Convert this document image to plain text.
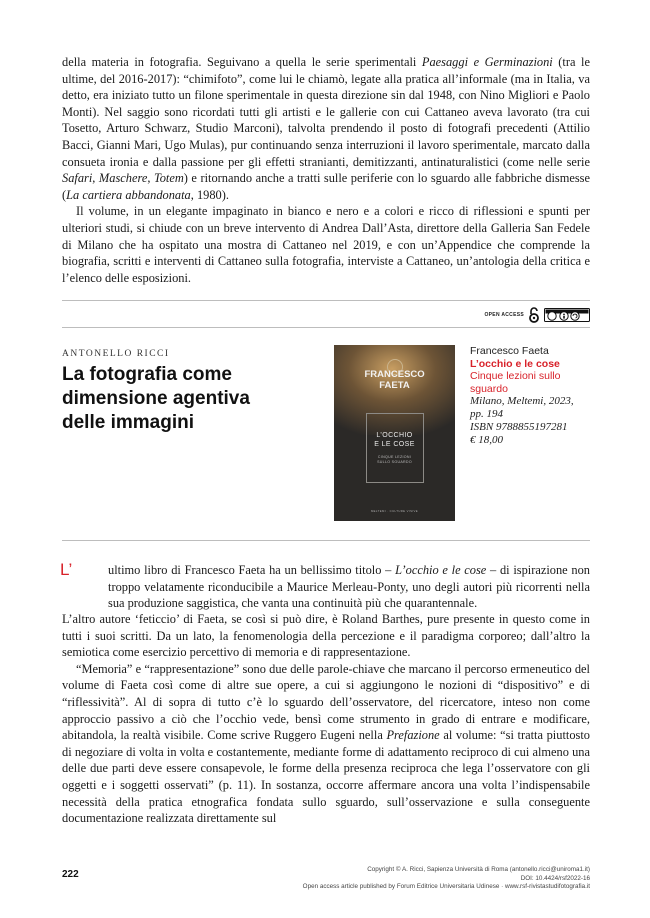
della materia in fotografia. Seguivano a quella le serie sperimentali Paesaggi e Germinazioni (tra le ultime, del 2016-2017): “chimifoto”, come lui le chiamò, legate alla pratica all’informale (ma in Italia, va detto, era iniziato tutto un filone sperimentale in questa direzione sin dal 1948, con Nino Migliori e Paolo Monti). Nel saggio sono ricordati tutti gli artisti e le gallerie con cui Cattaneo aveva lavorato (tra cui Tosetto, Arturo Schwarz, Studio Marconi), talvolta prendendo il posto di fotografi precedenti (Attilio Bacci, Gianni Mari, Ugo Mulas), pur continuando senza interruzioni il lavoro sperimentale, marcato dalla consueta ironia e dalla passione per gli effetti stranianti, demitizzanti, antinaturalistici (come nelle serie Safari, Maschere, Totem) e ritornando anche a tratti sulle periferie con lo sguardo alle fabbriche dismesse (La cartiera abbandonata, 1980).

Il volume, in un elegante impaginato in bianco e nero e a colori e ricco di riflessioni e spunti per ulteriori studi, si chiude con un breve intervento di Andrea Dall’Asta, direttore della Galleria San Fedele di Milano che ha ospitato una mostra di Cattaneo nel 2019, e con un’Appendice che comprende la biografia, scritti e interventi di Cattaneo sulla fotografia, interviste a Cattaneo, un’antologia della critica e l’elenco delle esposizioni.

OPEN ACCESS
ANTONELLO RICCI
La fotografia come dimensione agentiva delle immagini
FRANCESCO FAETA
L’OCCHIO
E LE COSE
CINQUE LEZIONI SULLO SGUARDO
MELTEMI · CULTURE VISIVE
Francesco Faeta
L’occhio e le cose
Cinque lezioni sullo sguardo
Milano, Meltemi, 2023,
pp. 194
ISBN 9788855197281
€ 18,00
L’	ultimo libro di Francesco Faeta ha un bellissimo titolo – L’occhio e le cose – di ispirazione non troppo velatamente riconducibile a Maurice Merleau-Ponty, uno degli autori più ricorrenti nella sua produzione saggistica, che vanta una continuità più che quarantennale.

L’altro autore ‘feticcio’ di Faeta, se così si può dire, è Roland Barthes, pure presente in questo come in tutti i suoi scritti. Da un lato, la fenomenologia della percezione e il paradigma corporeo; dall’altro la semiotica come esercizio percettivo di memoria e di rappresentazione.

“Memoria” e “rappresentazione” sono due delle parole-chiave che marcano il percorso ermeneutico del volume di Faeta così come di altre sue opere, a cui si aggiungono le nozioni di “dispositivo” e di “riflessività”. Al di sopra di tutto c’è lo sguardo dell’osservatore, del ricercatore, inteso non come approccio passivo a ciò che l’occhio vede, bensì come strumento in grado di entrare e modificare, abitandola, la realtà visibile. Come scrive Ruggero Eugeni nella Prefazione al volume: “si tratta piuttosto di negoziare di volta in volta e costantemente, mediante forme di adattamento reciproco di cui almeno una delle due parti deve essere consapevole, le forme della presenza reciproca che lega l’osservatore con gli oggetti e i soggetti osservati” (p. 11). In sostanza, occorre affermare ancora una volta l’indispensabile necessità della pratica etnografica fondata sullo sguardo, sull’osservazione e sulla conseguente documentazione realizzata direttamente sul

222	Copyright © A. Ricci, Sapienza Università di Roma (antonello.ricci@uniroma1.it)
DOI: 10.4424/rsf2022-16
Open access article published by Forum Editrice Universitaria Udinese · www.rsf-rivistastudifotografia.it
